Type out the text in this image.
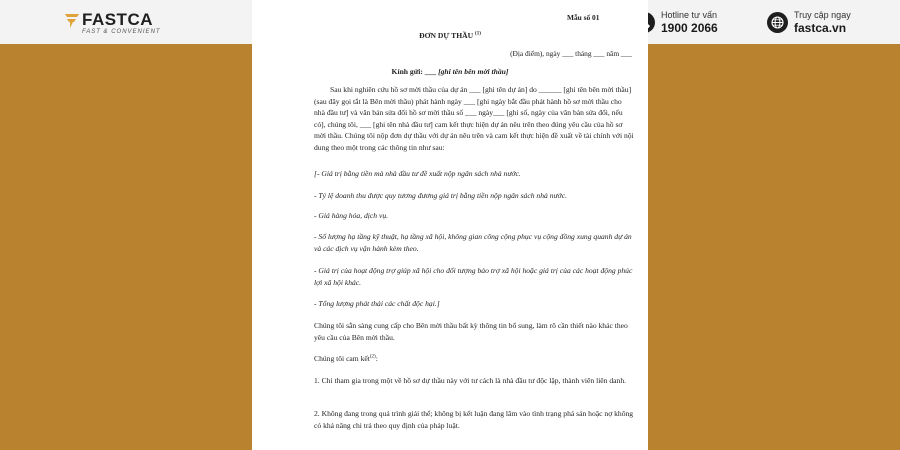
FASTCA
FAST & CONVENIENT
Hotline tư vấn
1900 2066
Truy cập ngay
fastca.vn
Mẫu số 01
ĐƠN DỰ THẦU $^{(1)}$
(Địa điểm), ngày ___ tháng ___ năm ___
Kính gửi: ___ [ghi tên bên mời thầu]

Sau khi nghiên cứu hồ sơ mời thầu của dự án ___ [ghi tên dự án] do ______ [ghi tên bên mời thầu] (sau đây gọi tắt là Bên mời thầu) phát hành ngày ___ [ghi ngày bắt đầu phát hành hồ sơ mời thầu cho nhà đầu tư] và văn bản sửa đổi hồ sơ mời thầu số ___ ngày___ [ghi số, ngày của văn bản sửa đổi, nếu có], chúng tôi, ___ [ghi tên nhà đầu tư] cam kết thực hiện dự án nêu trên theo đúng yêu cầu của hồ sơ mời thầu. Chúng tôi nộp đơn dự thầu với dự án nêu trên và cam kết thực hiện đề xuất về tài chính với nội dung theo một trong các thông tin như sau:

[- Giá trị bằng tiền mà nhà đầu tư đề xuất nộp ngân sách nhà nước.

- Tỷ lệ doanh thu được quy tương đương giá trị bằng tiền nộp ngân sách nhà nước.

- Giá hàng hóa, dịch vụ.

- Số lượng hạ tầng kỹ thuật, hạ tầng xã hội, không gian công cộng phục vụ cộng đồng xung quanh dự án và các dịch vụ vận hành kèm theo.

- Giá trị của hoạt động trợ giúp xã hội cho đối tượng bảo trợ xã hội hoặc giá trị của các hoạt động phúc lợi xã hội khác.

- Tổng lượng phát thải các chất độc hại.]

Chúng tôi sẵn sàng cung cấp cho Bên mời thầu bất kỳ thông tin bổ sung, làm rõ cần thiết nào khác theo yêu cầu của Bên mời thầu.

Chúng tôi cam kết$^{(2)}$:

1. Chỉ tham gia trong một về hồ sơ dự thầu này với tư cách là nhà đầu tư độc lập, thành viên liên danh.

2. Không đang trong quá trình giải thể; không bị kết luận đang lâm vào tình trạng phá sản hoặc nợ không có khả năng chi trả theo quy định của pháp luật.
